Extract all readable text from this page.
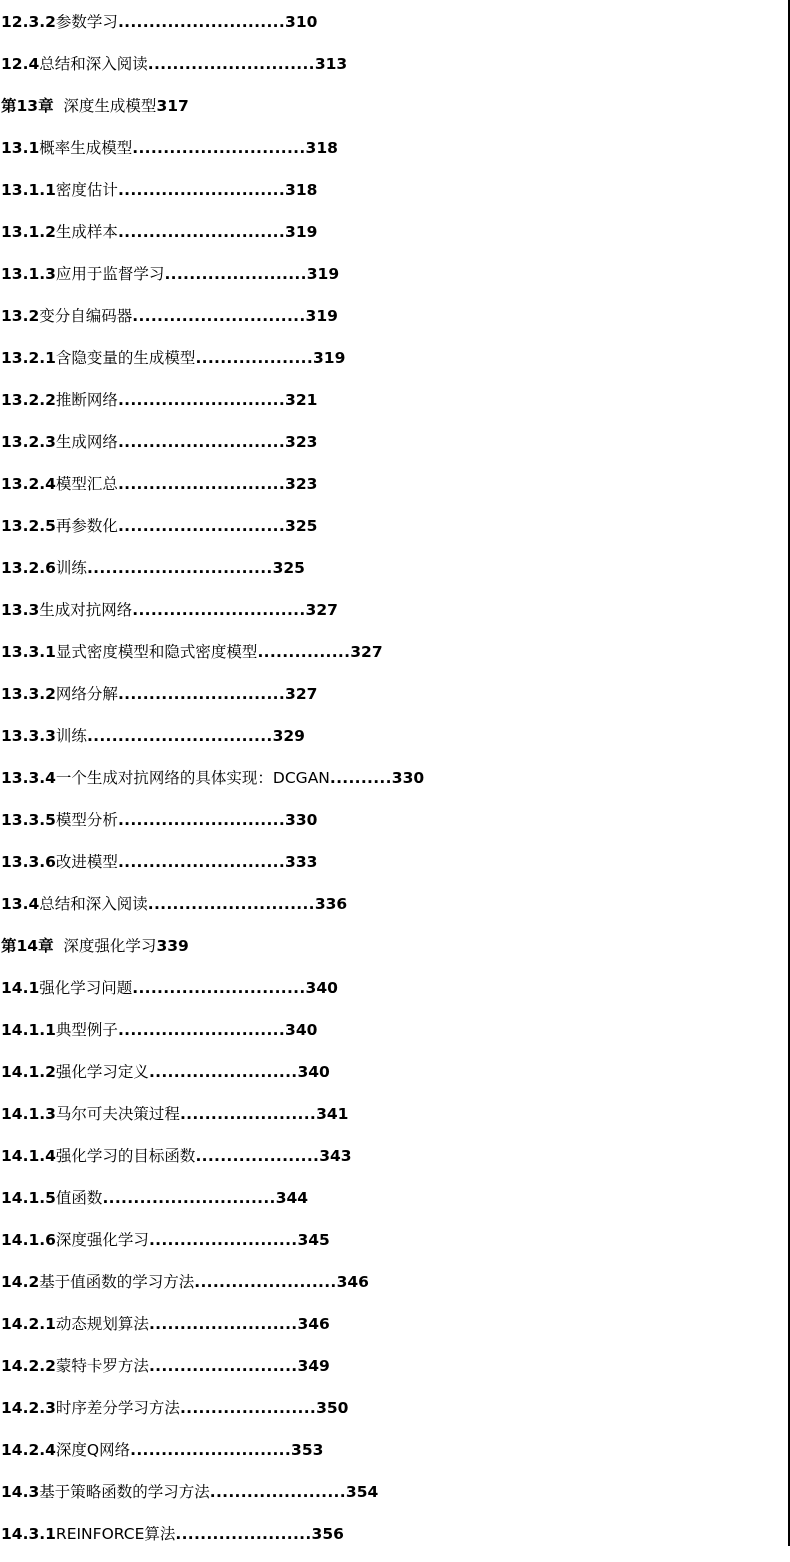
12.3.2参数学习...........................310
12.4总结和深入阅读...........................313
第13章  深度生成模型317
13.1概率生成模型............................318
13.1.1密度估计...........................318
13.1.2生成样本...........................319
13.1.3应用于监督学习.......................319
13.2变分自编码器............................319
13.2.1含隐变量的生成模型...................319
13.2.2推断网络...........................321
13.2.3生成网络...........................323
13.2.4模型汇总...........................323
13.2.5再参数化...........................325
13.2.6训练..............................325
13.3生成对抗网络............................327
13.3.1显式密度模型和隐式密度模型...............327
13.3.2网络分解...........................327
13.3.3训练..............................329
13.3.4一个生成对抗网络的具体实现：DCGAN..........330
13.3.5模型分析...........................330
13.3.6改进模型...........................333
13.4总结和深入阅读...........................336
第14章  深度强化学习339
14.1强化学习问题............................340
14.1.1典型例子...........................340
14.1.2强化学习定义........................340
14.1.3马尔可夫决策过程......................341
14.1.4强化学习的目标函数....................343
14.1.5值函数............................344
14.1.6深度强化学习........................345
14.2基于值函数的学习方法.......................346
14.2.1动态规划算法........................346
14.2.2蒙特卡罗方法........................349
14.2.3时序差分学习方法......................350
14.2.4深度Q网络..........................353
14.3基于策略函数的学习方法......................354
14.3.1REINFORCE算法......................356
